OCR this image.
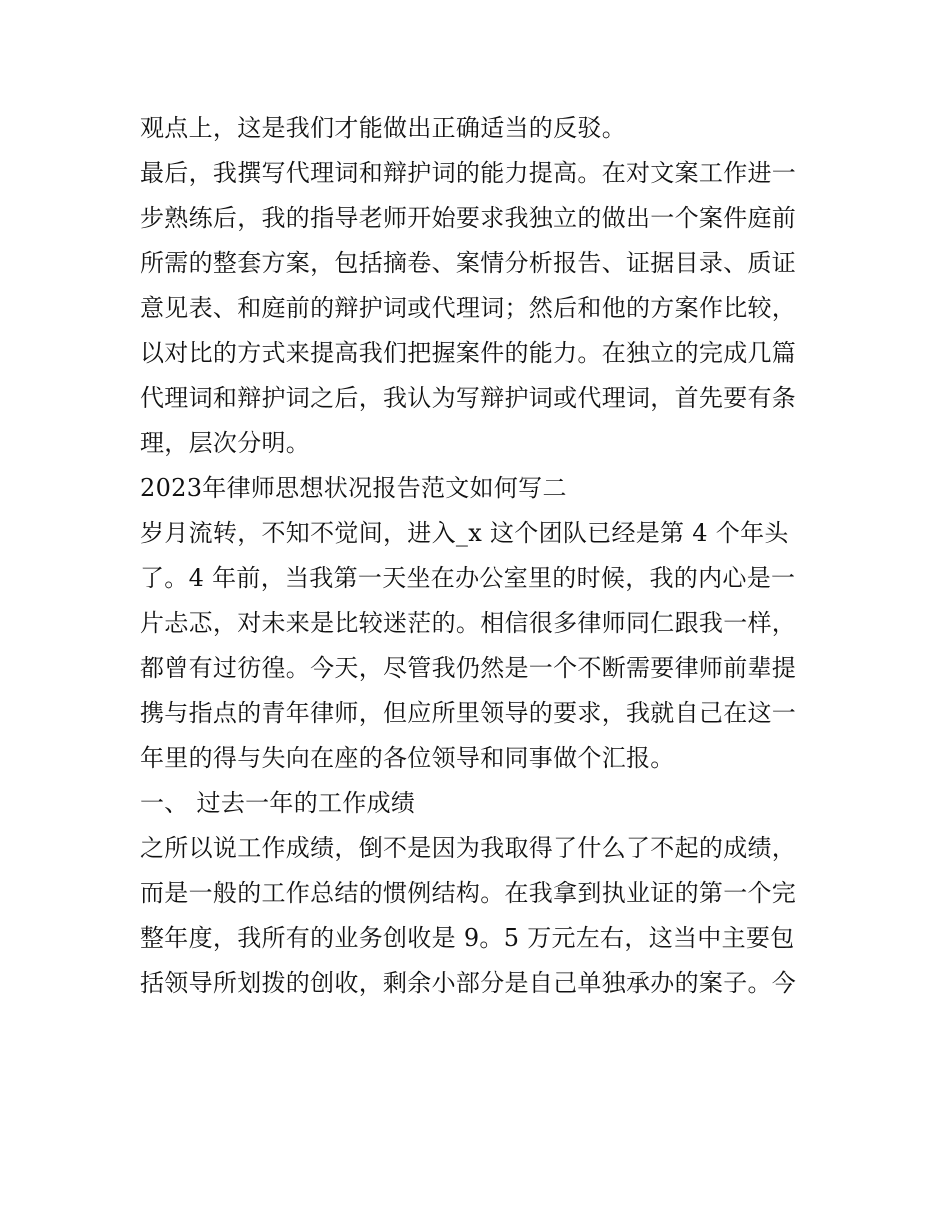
观点上，这是我们才能做出正确适当的反驳。
最后，我撰写代理词和辩护词的能力提高。在对文案工作进一
步熟练后，我的指导老师开始要求我独立的做出一个案件庭前
所需的整套方案，包括摘卷、案情分析报告、证据目录、质证
意见表、和庭前的辩护词或代理词；然后和他的方案作比较，
以对比的方式来提高我们把握案件的能力。在独立的完成几篇
代理词和辩护词之后，我认为写辩护词或代理词，首先要有条
理，层次分明。
2023年律师思想状况报告范文如何写二
岁月流转，不知不觉间，进入_x 这个团队已经是第 4 个年头
了。4 年前，当我第一天坐在办公室里的时候，我的内心是一
片忐忑，对未来是比较迷茫的。相信很多律师同仁跟我一样，
都曾有过彷徨。今天，尽管我仍然是一个不断需要律师前辈提
携与指点的青年律师，但应所里领导的要求，我就自己在这一
年里的得与失向在座的各位领导和同事做个汇报。
一、 过去一年的工作成绩
之所以说工作成绩，倒不是因为我取得了什么了不起的成绩，
而是一般的工作总结的惯例结构。在我拿到执业证的第一个完
整年度，我所有的业务创收是 9。5 万元左右，这当中主要包
括领导所划拨的创收，剩余小部分是自己单独承办的案子。今
